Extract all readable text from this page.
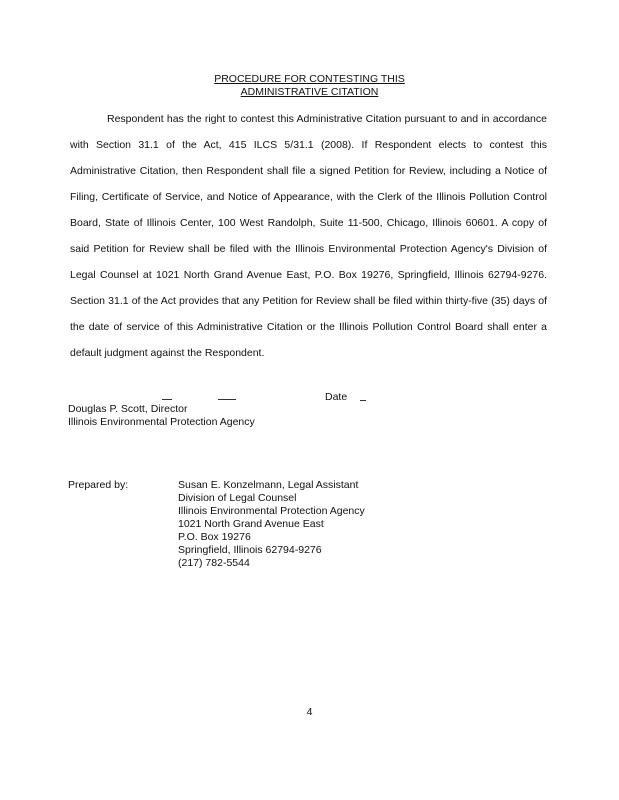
PROCEDURE FOR CONTESTING THIS
ADMINISTRATIVE CITATION

Respondent has the right to contest this Administrative Citation pursuant to and in accordance with Section 31.1 of the Act, 415 ILCS 5/31.1 (2008). If Respondent elects to contest this Administrative Citation, then Respondent shall file a signed Petition for Review, including a Notice of Filing, Certificate of Service, and Notice of Appearance, with the Clerk of the Illinois Pollution Control Board, State of Illinois Center, 100 West Randolph, Suite 11-500, Chicago, Illinois 60601. A copy of said Petition for Review shall be filed with the Illinois Environmental Protection Agency's Division of Legal Counsel at 1021 North Grand Avenue East, P.O. Box 19276, Springfield, Illinois 62794-9276. Section 31.1 of the Act provides that any Petition for Review shall be filed within thirty-five (35) days of the date of service of this Administrative Citation or the Illinois Pollution Control Board shall enter a default judgment against the Respondent.

Date
Douglas P. Scott, Director
Illinois Environmental Protection Agency
Prepared by:	Susan E. Konzelmann, Legal Assistant
Division of Legal Counsel
Illinois Environmental Protection Agency
1021 North Grand Avenue East
P.O. Box 19276
Springfield, Illinois 62794-9276
(217) 782-5544
4
